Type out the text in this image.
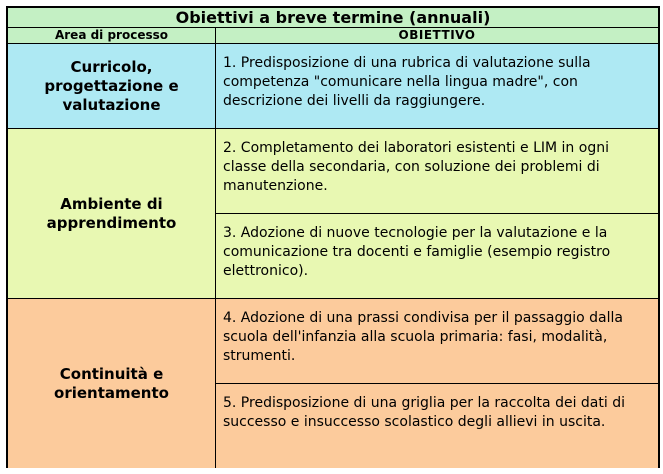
Obiettivi a breve termine (annuali)
Area di processo	OBIETTIVO
Curricolo, progettazione e valutazione
1. Predisposizione di una rubrica di valutazione sulla competenza "comunicare nella lingua madre", con descrizione dei livelli da raggiungere.
Ambiente di apprendimento
2. Completamento dei laboratori esistenti e LIM in ogni classe della secondaria, con soluzione dei problemi di manutenzione.
3. Adozione di nuove tecnologie per la valutazione e la comunicazione tra docenti e famiglie (esempio registro elettronico).
Continuità e orientamento
4. Adozione di una prassi condivisa per il passaggio dalla scuola dell'infanzia alla scuola primaria: fasi, modalità, strumenti.
5. Predisposizione di una griglia per la raccolta dei dati di successo e insuccesso scolastico degli allievi in uscita.
